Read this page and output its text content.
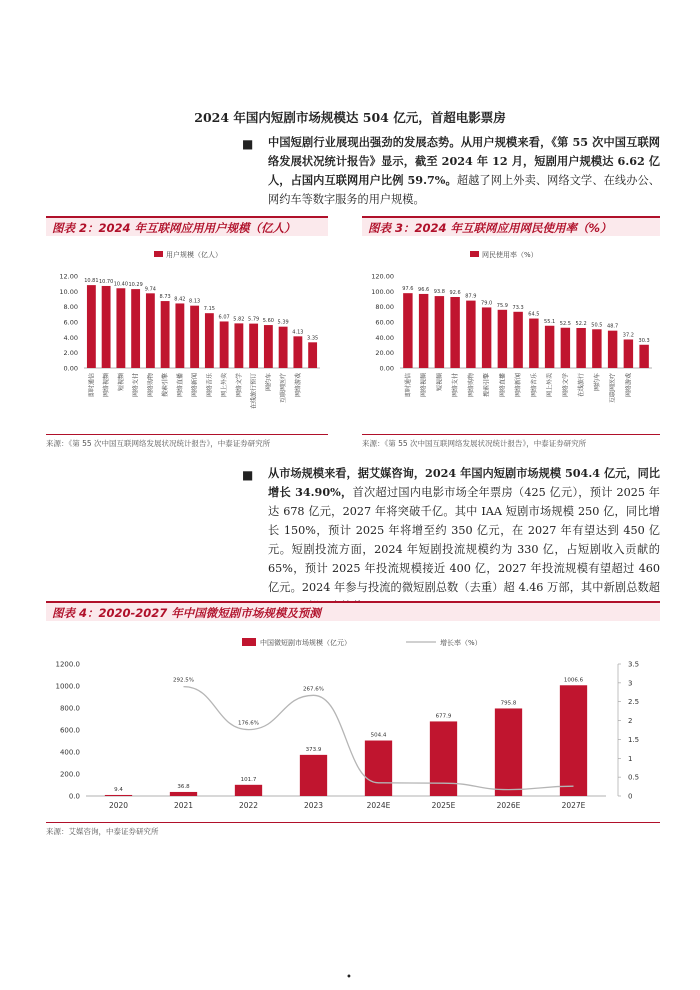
2024 年国内短剧市场规模达 504 亿元，首超电影票房
■ 中国短剧行业展现出强劲的发展态势。从用户规模来看，《第 55 次中国互联网络发展状况统计报告》显示，截至 2024 年 12 月，短剧用户规模达 6.62 亿人，占国内互联网用户比例 59.7%。超越了网上外卖、网络文学、在线办公、网约车等数字服务的用户规模。
图表 2：2024 年互联网应用用户规模（亿人）	图表 3：2024 年互联网应用网民使用率（%）
用户规模（亿人）
0.00
2.00
4.00
6.00
8.00
10.00
12.00
10.81
即时通信
10.70
网络视频
10.40
短视频
10.29
网络支付
9.74
网络购物
8.73
搜索引擎
8.42
网络直播
8.13
网络新闻
7.15
网络音乐
6.07
网上外卖
5.82
网络文学
5.79
在线旅行预订
5.60
网约车
5.39
互联网医疗
4.13
网络游戏
3.35
网民使用率（%）
0.00
20.00
40.00
60.00
80.00
100.00
120.00
97.6
即时通信
96.6
网络视频
93.8
短视频
92.6
网络支付
87.9
网络购物
79.0
搜索引擎
75.9
网络直播
73.3
网络新闻
64.5
网络音乐
55.1
网上外卖
52.5
网络文学
52.2
在线旅行
50.5
网约车
48.7
互联网医疗
37.2
网络游戏
30.3
来源：《第 55 次中国互联网络发展状况统计报告》，中泰证券研究所	来源：《第 55 次中国互联网络发展状况统计报告》，中泰证券研究所
■ 从市场规模来看，据艾媒咨询，2024 年国内短剧市场规模 504.4 亿元，同比增长 34.90%，首次超过国内电影市场全年票房（425 亿元），预计 2025 年达 678 亿元，2027 年将突破千亿。其中 IAA 短剧市场规模 250 亿，同比增长 150%，预计 2025 年将增至约 350 亿元，在 2027 年有望达到 450 亿元。短剧投流方面，2024 年短剧投流规模约为 330 亿，占短剧收入贡献的 65%，预计 2025 年投流规模接近 400 亿，2027 年投流规模有望超过 460 亿元。2024 年参与投流的微短剧总数（去重）超 4.46 万部，其中新剧总数超
图表 4：2020-2027 年中国微短剧市场规模及预测
中国微短剧市场规模（亿元）	增长率（%）
0.0
200.0
400.0
600.0
800.0
1000.0
1200.0
0
0.5
1
1.5
2
2.5
3
3.5
9.4
2020
36.8
2021
101.7
2022
373.9
2023
504.4
2024E
677.9
2025E
795.8
2026E
1006.6
2027E
292.5%
176.6%
267.6%
来源：艾媒咨询，中泰证券研究所
•
